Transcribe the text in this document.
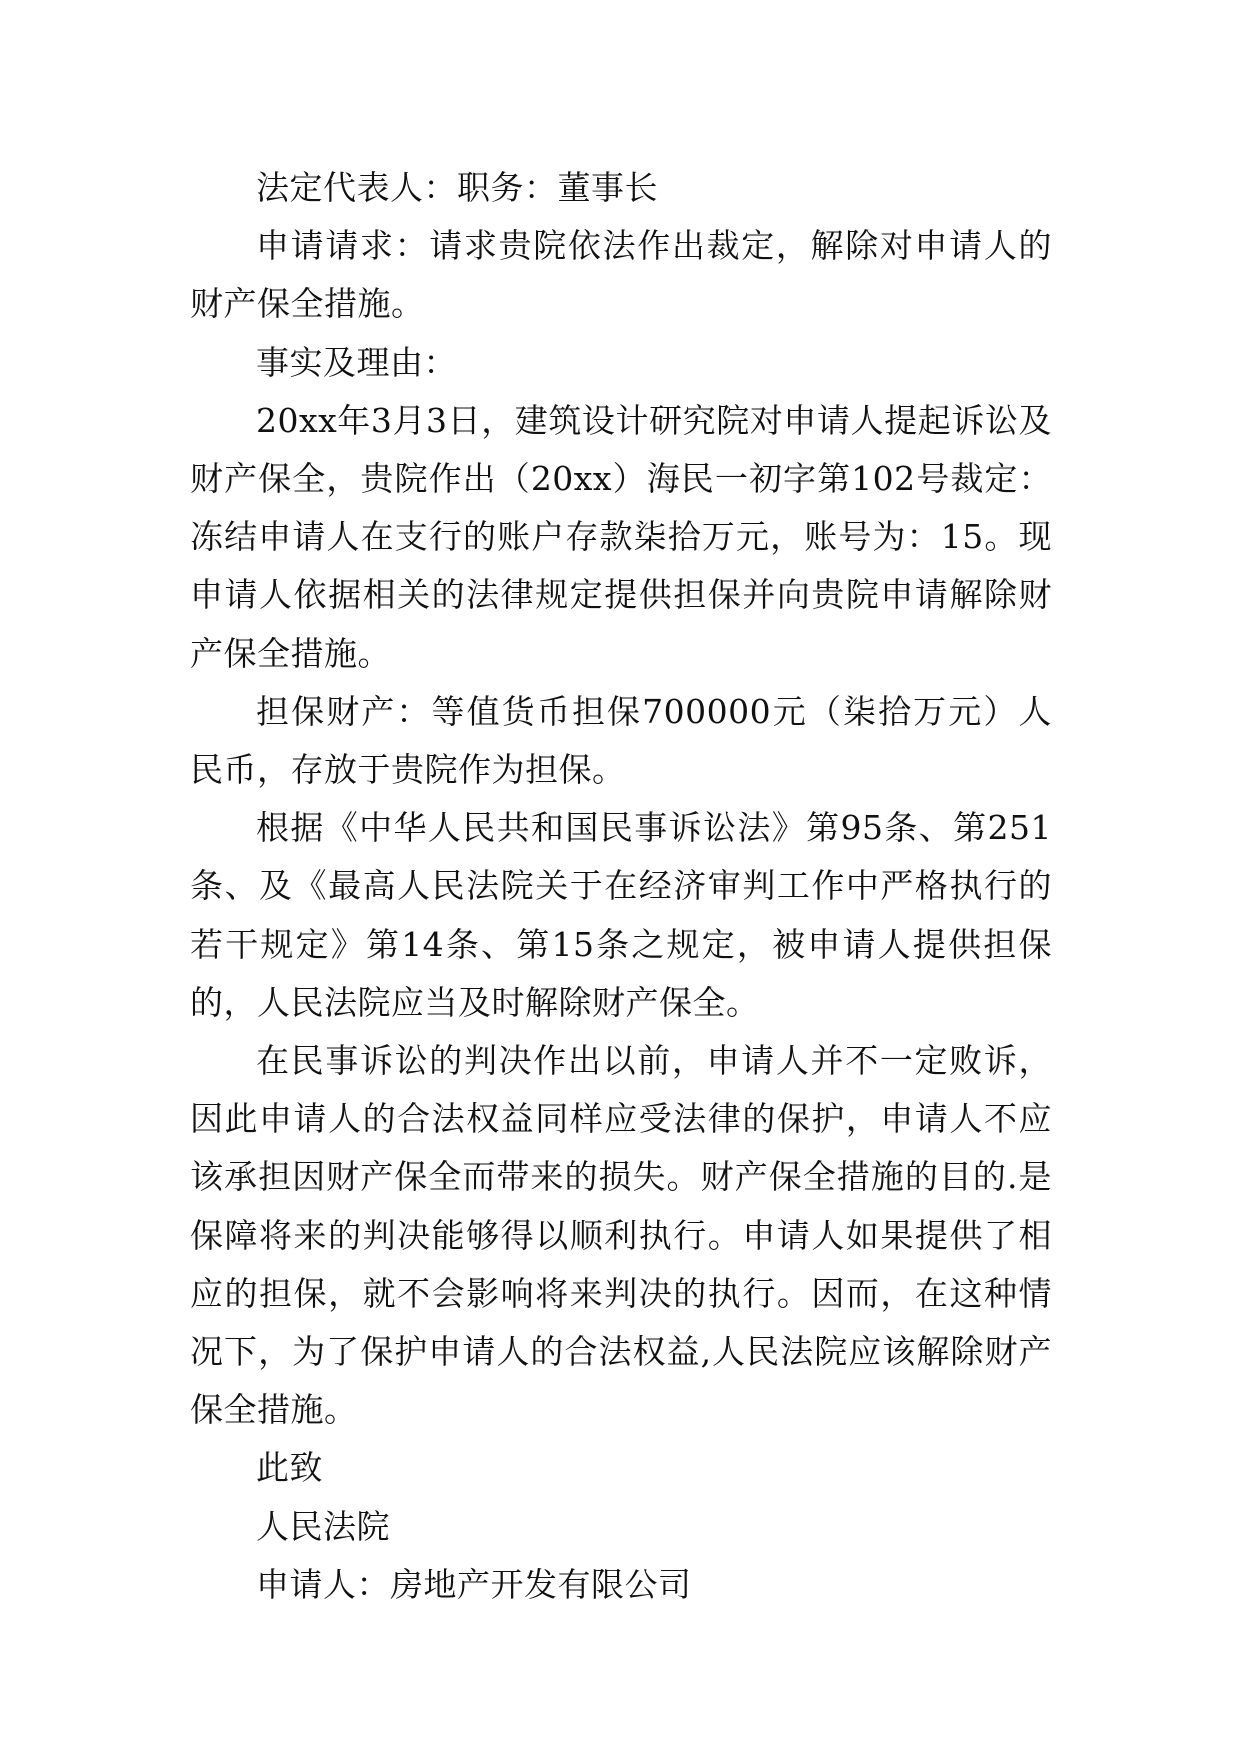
法定代表人：职务：董事长

申请请求：请求贵院依法作出裁定，解除对申请人的财产保全措施。

事实及理由：

20xx年3月3日，建筑设计研究院对申请人提起诉讼及财产保全，贵院作出（20xx）海民一初字第102号裁定：冻结申请人在支行的账户存款柒拾万元，账号为：15。现申请人依据相关的法律规定提供担保并向贵院申请解除财产保全措施。

担保财产：等值货币担保700000元（柒拾万元）人民币，存放于贵院作为担保。

根据《中华人民共和国民事诉讼法》第95条、第251条、及《最高人民法院关于在经济审判工作中严格执行的若干规定》第14条、第15条之规定，被申请人提供担保的，人民法院应当及时解除财产保全。

在民事诉讼的判决作出以前，申请人并不一定败诉，因此申请人的合法权益同样应受法律的保护，申请人不应该承担因财产保全而带来的损失。财产保全措施的目的.是保障将来的判决能够得以顺利执行。申请人如果提供了相应的担保，就不会影响将来判决的执行。因而，在这种情况下，为了保护申请人的合法权益,人民法院应该解除财产保全措施。

此致

人民法院

申请人：房地产开发有限公司
